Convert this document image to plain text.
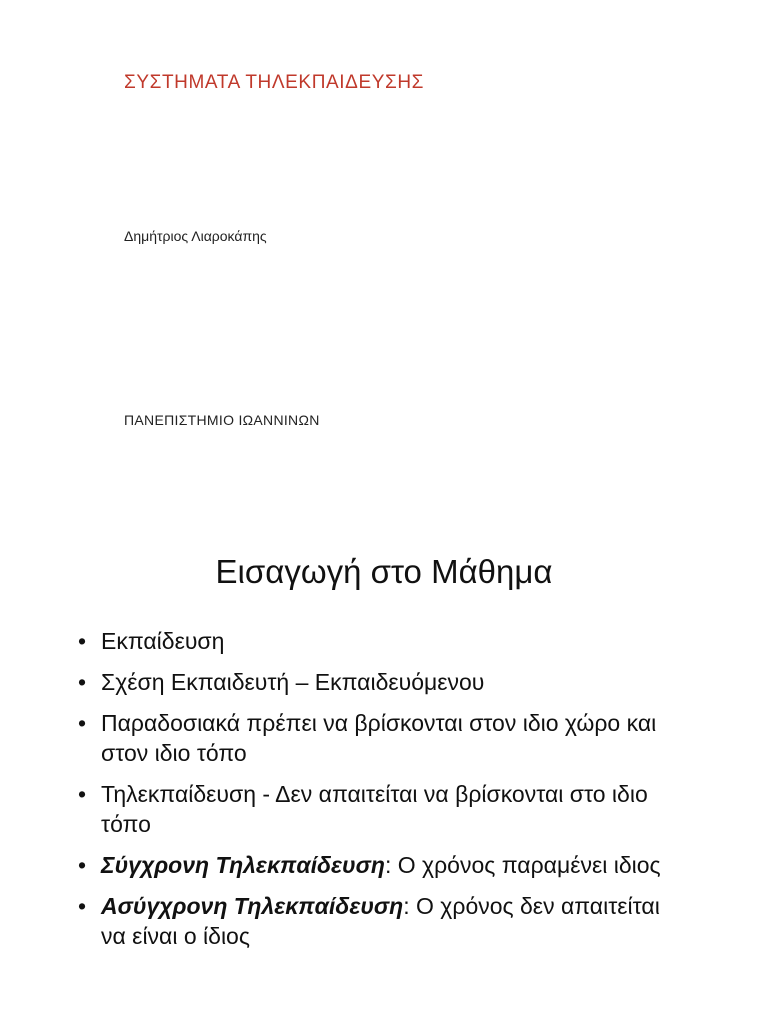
ΣΥΣΤΗΜΑΤΑ ΤΗΛΕΚΠΑΙΔΕΥΣΗΣ
Δημήτριος Λιαροκάπης
ΠΑΝΕΠΙΣΤΗΜΙΟ ΙΩΑΝΝΙΝΩΝ
Εισαγωγή στο Μάθημα
• Εκπαίδευση
• Σχέση Εκπαιδευτή – Εκπαιδευόμενου
• Παραδοσιακά πρέπει να βρίσκονται στον ιδιο χώρο και στον ιδιο τόπο
• Τηλεκπαίδευση - Δεν απαιτείται να βρίσκονται στο ιδιο τόπο
• Σύγχρονη Τηλεκπαίδευση: Ο χρόνος παραμένει ιδιος
• Ασύγχρονη Τηλεκπαίδευση: Ο χρόνος δεν απαιτείται να είναι ο ίδιος
